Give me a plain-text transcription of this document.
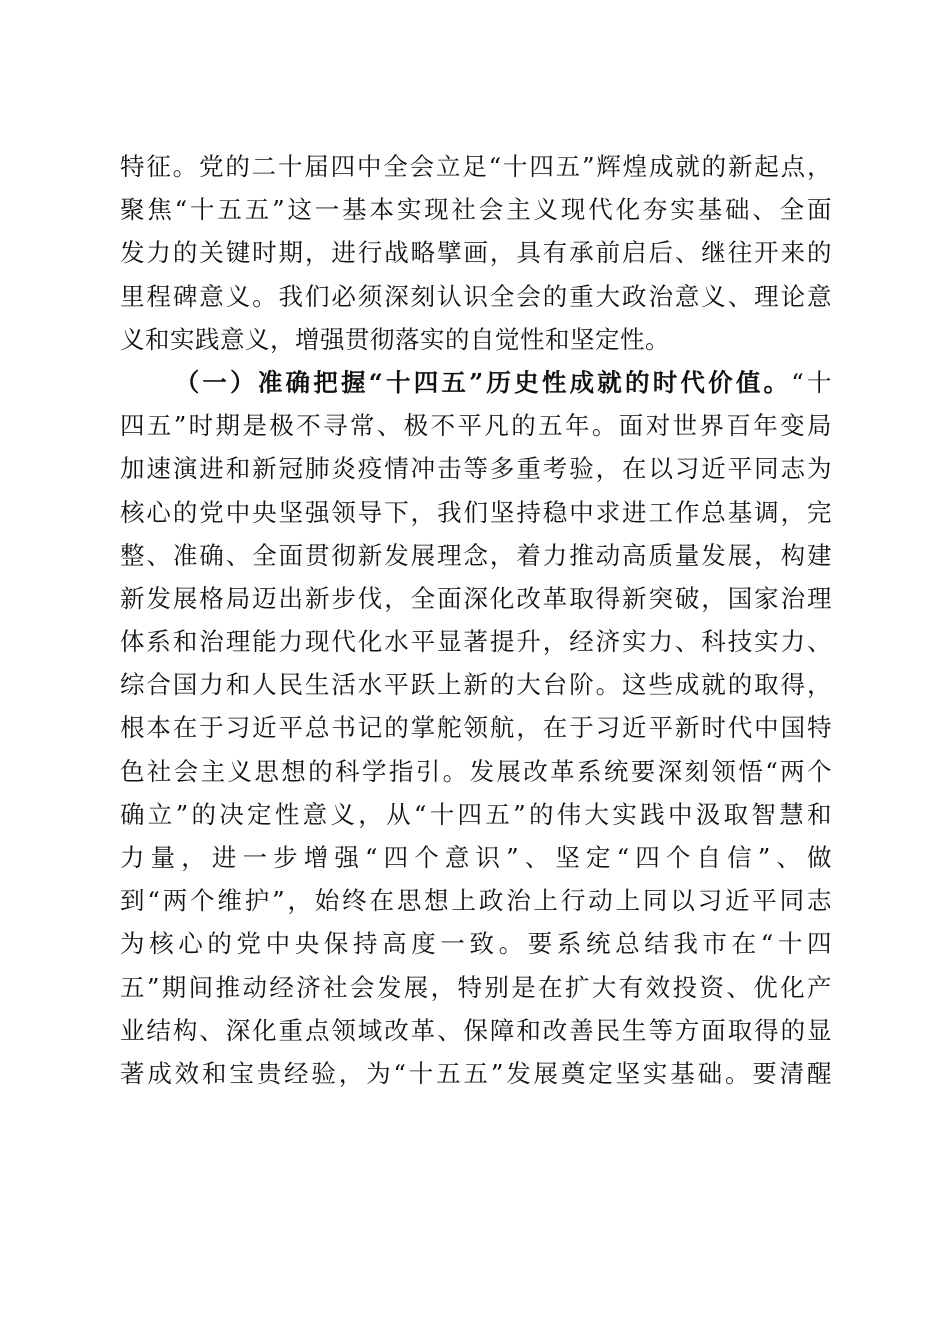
特征。党的二十届四中全会立足“十四五”辉煌成就的新起点，
聚焦“十五五”这一基本实现社会主义现代化夯实基础、全面
发力的关键时期，进行战略擘画，具有承前启后、继往开来的
里程碑意义。我们必须深刻认识全会的重大政治意义、理论意
义和实践意义，增强贯彻落实的自觉性和坚定性。
（一）准确把握“十四五”历史性成就的时代价值。“十
四五”时期是极不寻常、极不平凡的五年。面对世界百年变局
加速演进和新冠肺炎疫情冲击等多重考验，在以习近平同志为
核心的党中央坚强领导下，我们坚持稳中求进工作总基调，完
整、准确、全面贯彻新发展理念，着力推动高质量发展，构建
新发展格局迈出新步伐，全面深化改革取得新突破，国家治理
体系和治理能力现代化水平显著提升，经济实力、科技实力、
综合国力和人民生活水平跃上新的大台阶。这些成就的取得，
根本在于习近平总书记的掌舵领航，在于习近平新时代中国特
色社会主义思想的科学指引。发展改革系统要深刻领悟“两个
确立”的决定性意义，从“十四五”的伟大实践中汲取智慧和
力量，进一步增强“四个意识”、坚定“四个自信”、做
到“两个维护”，始终在思想上政治上行动上同以习近平同志
为核心的党中央保持高度一致。要系统总结我市在“十四
五”期间推动经济社会发展，特别是在扩大有效投资、优化产
业结构、深化重点领域改革、保障和改善民生等方面取得的显
著成效和宝贵经验，为“十五五”发展奠定坚实基础。要清醒
